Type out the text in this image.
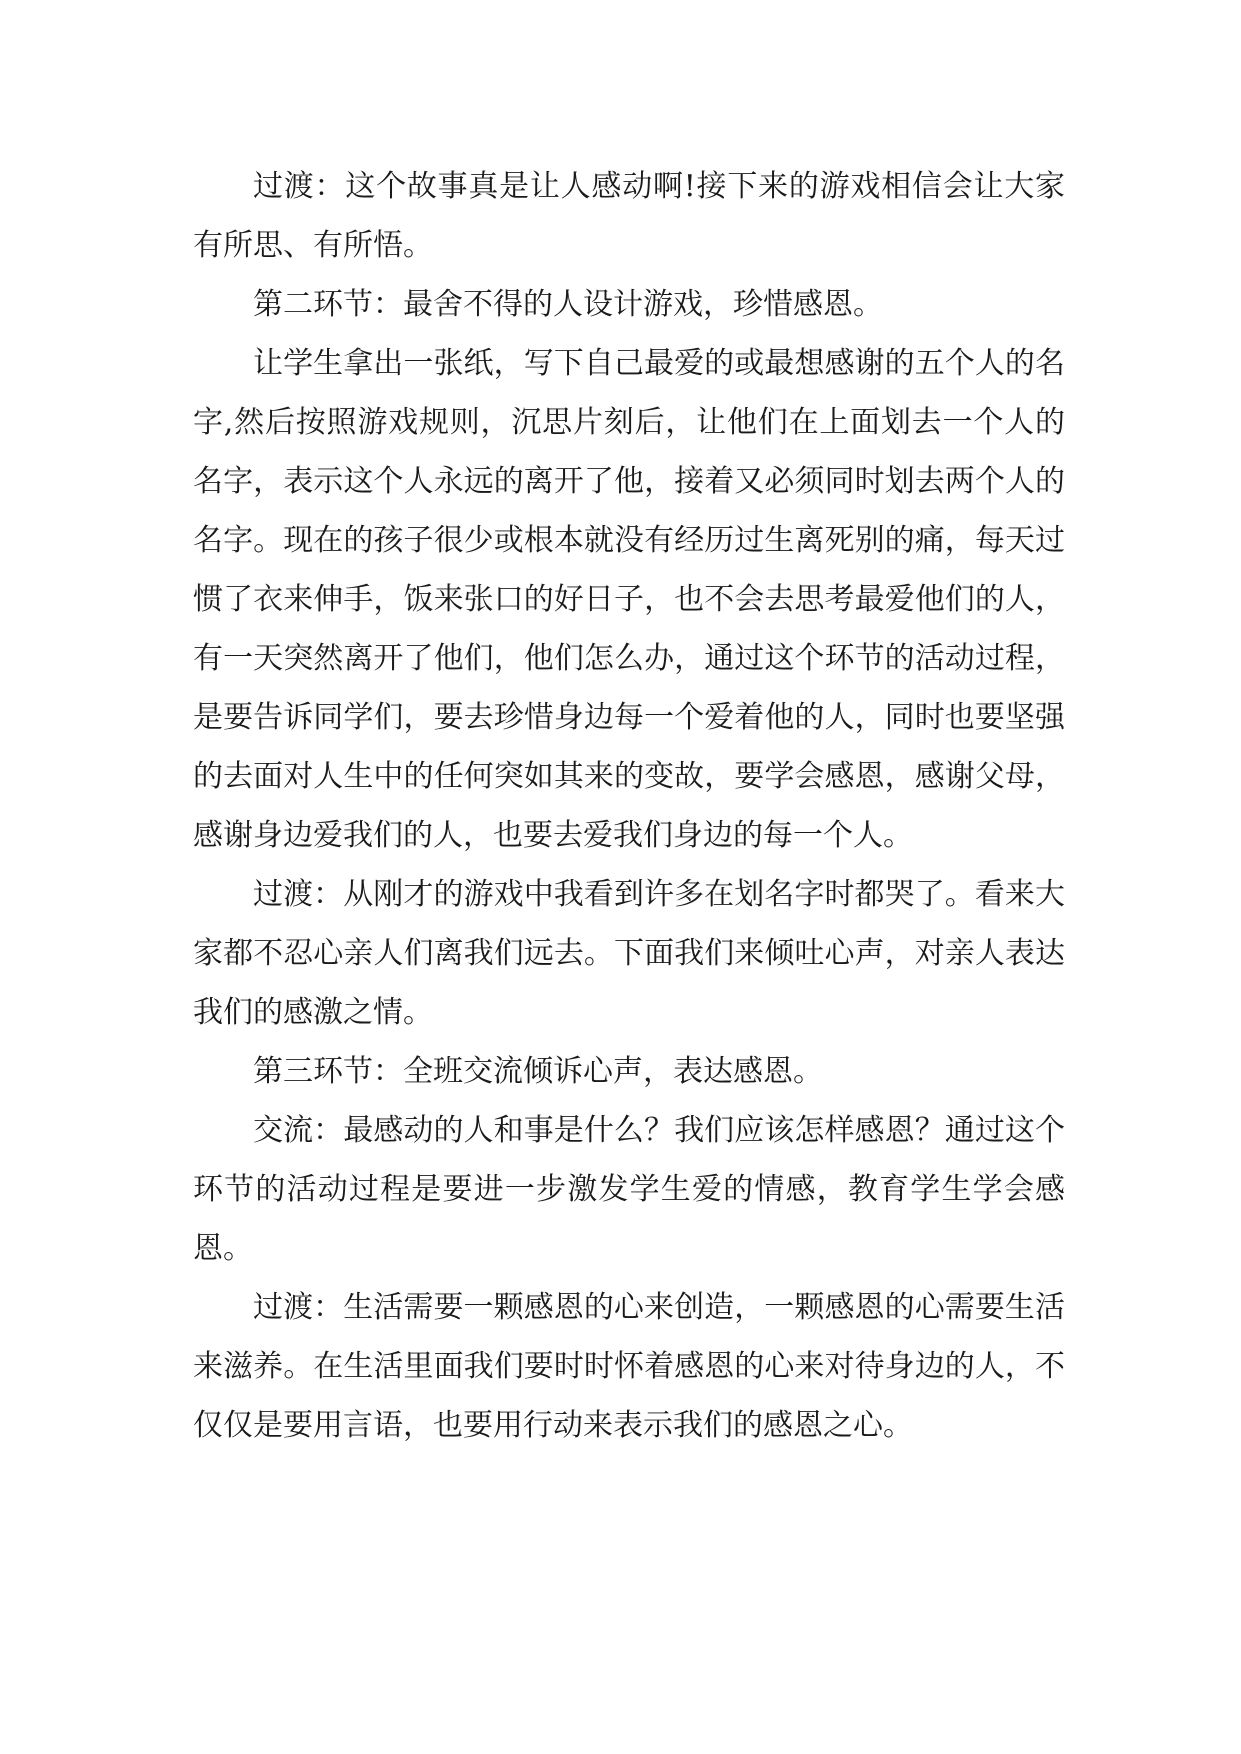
过渡：这个故事真是让人感动啊!接下来的游戏相信会让大家有所思、有所悟。

第二环节：最舍不得的人设计游戏，珍惜感恩。

让学生拿出一张纸，写下自己最爱的或最想感谢的五个人的名字,然后按照游戏规则，沉思片刻后，让他们在上面划去一个人的名字，表示这个人永远的离开了他，接着又必须同时划去两个人的名字。现在的孩子很少或根本就没有经历过生离死别的痛，每天过惯了衣来伸手，饭来张口的好日子，也不会去思考最爱他们的人，有一天突然离开了他们，他们怎么办，通过这个环节的活动过程，是要告诉同学们，要去珍惜身边每一个爱着他的人，同时也要坚强的去面对人生中的任何突如其来的变故，要学会感恩，感谢父母，感谢身边爱我们的人，也要去爱我们身边的每一个人。

过渡：从刚才的游戏中我看到许多在划名字时都哭了。看来大家都不忍心亲人们离我们远去。下面我们来倾吐心声，对亲人表达我们的感激之情。

第三环节：全班交流倾诉心声，表达感恩。

交流：最感动的人和事是什么？我们应该怎样感恩？通过这个环节的活动过程是要进一步激发学生爱的情感，教育学生学会感恩。

过渡：生活需要一颗感恩的心来创造，一颗感恩的心需要生活来滋养。在生活里面我们要时时怀着感恩的心来对待身边的人，不仅仅是要用言语，也要用行动来表示我们的感恩之心。
